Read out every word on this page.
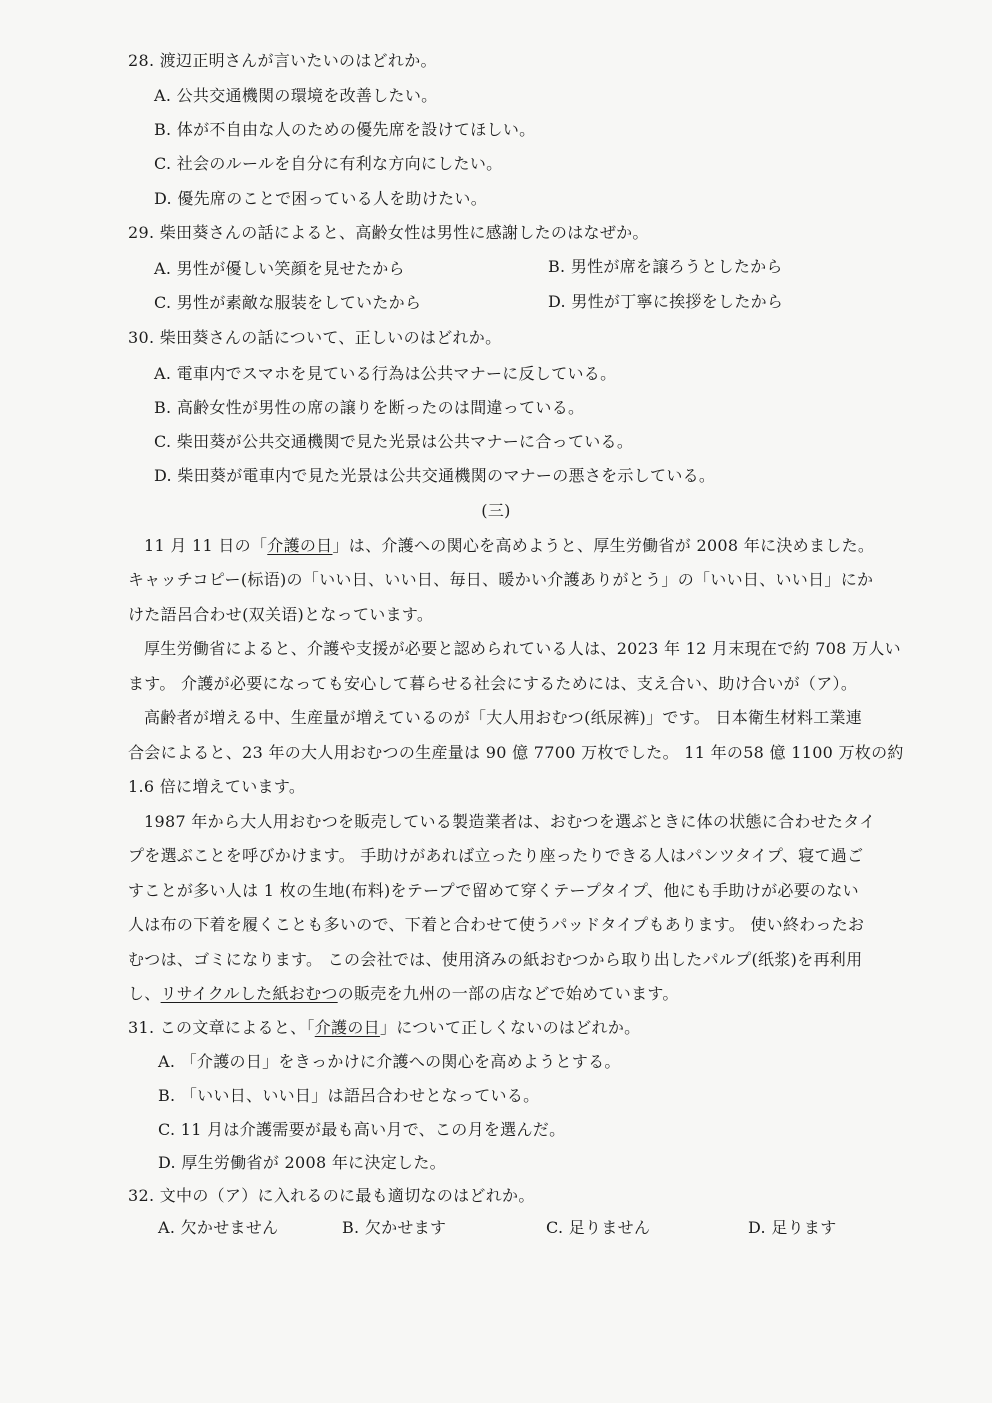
28. 渡辺正明さんが言いたいのはどれか。
A. 公共交通機関の環境を改善したい。
B. 体が不自由な人のための優先席を設けてほしい。
C. 社会のルールを自分に有利な方向にしたい。
D. 優先席のことで困っている人を助けたい。
29. 柴田葵さんの話によると、高齢女性は男性に感謝したのはなぜか。
A. 男性が優しい笑顔を見せたから	B. 男性が席を譲ろうとしたから
C. 男性が素敵な服装をしていたから	D. 男性が丁寧に挨拶をしたから
30. 柴田葵さんの話について、正しいのはどれか。
A. 電車内でスマホを見ている行為は公共マナーに反している。
B. 高齢女性が男性の席の譲りを断ったのは間違っている。
C. 柴田葵が公共交通機関で見た光景は公共マナーに合っている。
D. 柴田葵が電車内で見た光景は公共交通機関のマナーの悪さを示している。
(三)
11 月 11 日の「介護の日」は、介護への関心を高めようと、厚生労働省が 2008 年に決めました。
キャッチコピー(标语)の「いい日、いい日、毎日、暖かい介護ありがとう」の「いい日、いい日」にか
けた語呂合わせ(双关语)となっています。
厚生労働省によると、介護や支援が必要と認められている人は、2023 年 12 月末現在で約 708 万人い
ます。 介護が必要になっても安心して暮らせる社会にするためには、支え合い、助け合いが（ア）。
高齢者が増える中、生産量が増えているのが「大人用おむつ(纸尿裤)」です。 日本衛生材料工業連
合会によると、23 年の大人用おむつの生産量は 90 億 7700 万枚でした。 11 年の58 億 1100 万枚の約
1.6 倍に増えています。
1987 年から大人用おむつを販売している製造業者は、おむつを選ぶときに体の状態に合わせたタイ
プを選ぶことを呼びかけます。 手助けがあれば立ったり座ったりできる人はパンツタイプ、寝て過ご
すことが多い人は 1 枚の生地(布料)をテープで留めて穿くテープタイプ、他にも手助けが必要のない
人は布の下着を履くことも多いので、下着と合わせて使うパッドタイプもあります。 使い終わったお
むつは、ゴミになります。 この会社では、使用済みの紙おむつから取り出したパルプ(纸浆)を再利用
し、リサイクルした紙おむつの販売を九州の一部の店などで始めています。
31. この文章によると、「介護の日」について正しくないのはどれか。
A. 「介護の日」をきっかけに介護への関心を高めようとする。
B. 「いい日、いい日」は語呂合わせとなっている。
C. 11 月は介護需要が最も高い月で、この月を選んだ。
D. 厚生労働省が 2008 年に決定した。
32. 文中の（ア）に入れるのに最も適切なのはどれか。
A. 欠かせません	B. 欠かせます	C. 足りません	D. 足ります
